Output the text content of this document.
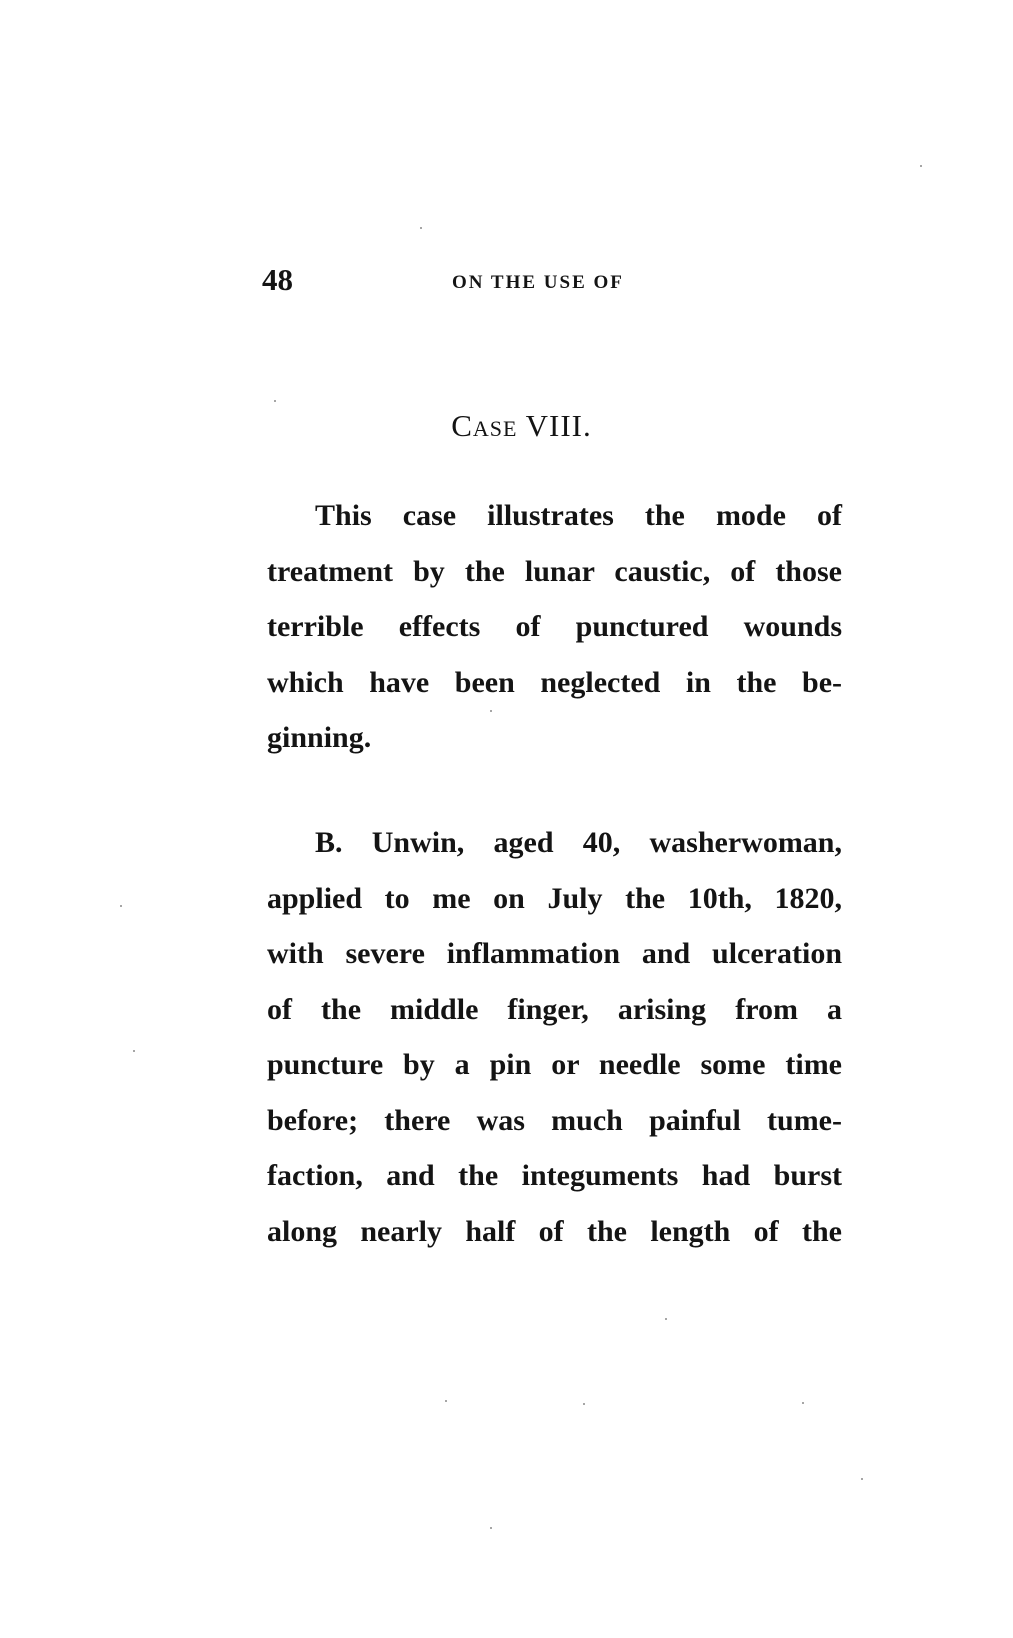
48	ON THE USE OF
Case VIII.

This case illustrates the mode of
treatment by the lunar caustic, of those
terrible effects of punctured wounds
which have been neglected in the be-
ginning.

B. Unwin, aged 40, washerwoman,
applied to me on July the 10th, 1820,
with severe inflammation and ulceration
of the middle finger, arising from a
puncture by a pin or needle some time
before; there was much painful tume-
faction, and the integuments had burst
along nearly half of the length of the
